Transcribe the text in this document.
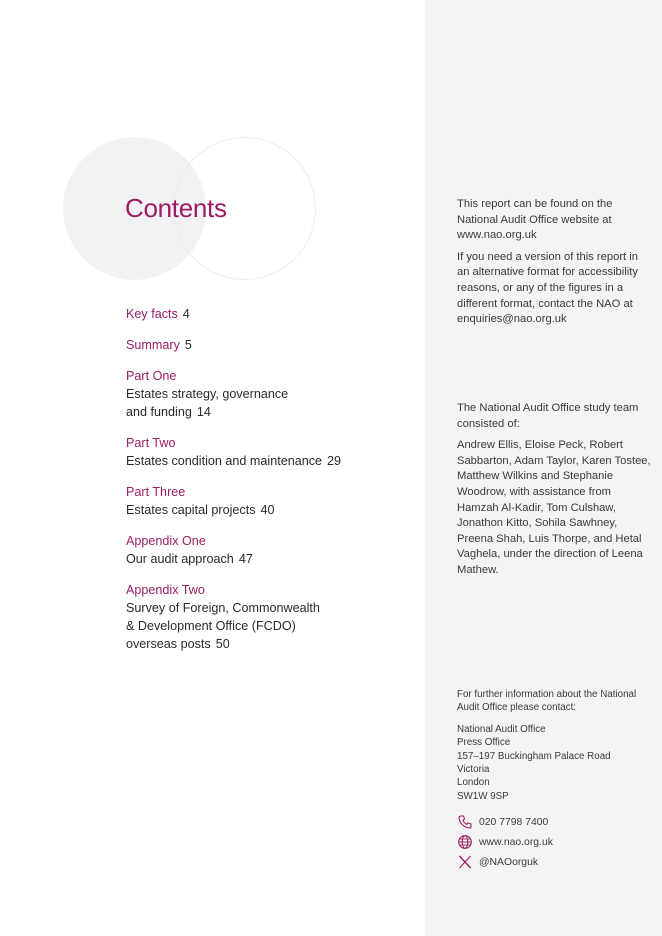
Contents
Key facts 4
Summary 5
Part One
Estates strategy, governance
and funding 14
Part Two
Estates condition and maintenance 29
Part Three
Estates capital projects 40
Appendix One
Our audit approach 47
Appendix Two
Survey of Foreign, Commonwealth
& Development Office (FCDO)
overseas posts 50

This report can be found on the National Audit Office website at www.nao.org.uk

If you need a version of this report in an alternative format for accessibility reasons, or any of the figures in a different format, contact the NAO at enquiries@nao.org.uk

The National Audit Office study team consisted of:

Andrew Ellis, Eloise Peck, Robert Sabbarton, Adam Taylor, Karen Tostee, Matthew Wilkins and Stephanie Woodrow, with assistance from Hamzah Al-Kadir, Tom Culshaw, Jonathon Kitto, Sohila Sawhney, Preena Shah, Luis Thorpe, and Hetal Vaghela, under the direction of Leena Mathew.

For further information about the National Audit Office please contact:

National Audit Office
Press Office
157–197 Buckingham Palace Road
Victoria
London
SW1W 9SP
020 7798 7400
www.nao.org.uk
@NAOorguk
